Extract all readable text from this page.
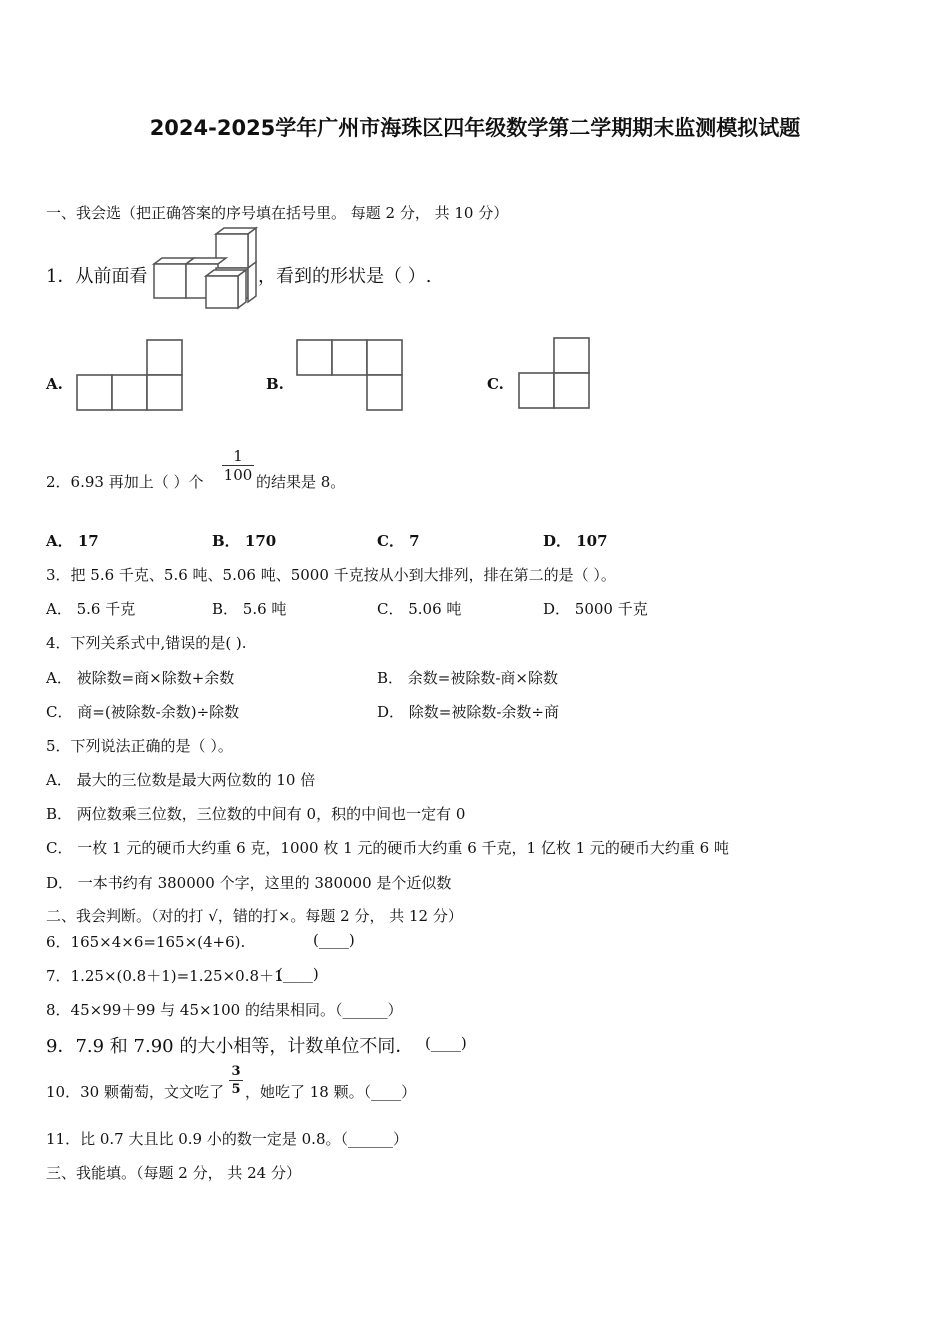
2024-2025学年广州市海珠区四年级数学第二学期期末监测模拟试题
一、我会选（把正确答案的序号填在括号里。 每题 2 分， 共 10 分）
1．从前面看	，看到的形状是（ ）.
A.	B.	C.
2．6.93 再加上（ ）个 $\frac{1}{100}$ 的结果是 8。
A． 17	B． 170	C． 7	D． 107
3．把 5.6 千克、5.6 吨、5.06 吨、5000 千克按从小到大排列，排在第二的是（ ）。
A． 5.6 千克	B． 5.6 吨	C． 5.06 吨	D． 5000 千克
4．下列关系式中,错误的是( ).
A． 被除数=商×除数+余数	B． 余数=被除数-商×除数
C． 商=(被除数-余数)÷除数	D． 除数=被除数-余数÷商
5．下列说法正确的是（ ）。
A． 最大的三位数是最大两位数的 10 倍
B． 两位数乘三位数，三位数的中间有 0，积的中间也一定有 0
C． 一枚 1 元的硬币大约重 6 克，1000 枚 1 元的硬币大约重 6 千克，1 亿枚 1 元的硬币大约重 6 吨
D． 一本书约有 380000 个字，这里的 380000 是个近似数
二、我会判断。（对的打 √，错的打×。每题 2 分， 共 12 分）
6．165×4×6=165×(4+6).	(____)
7．1.25×(0.8＋1)=1.25×0.8＋1
(____)
8．45×99＋99 与 45×100 的结果相同。（______）
9．7.9 和 7.90 的大小相等，计数单位不同． (____)
10．30 颗葡萄，文文吃了 $\frac{3}{5}$ ，她吃了 18 颗。（____）
11．比 0.7 大且比 0.9 小的数一定是 0.8。（______）
三、我能填。（每题 2 分， 共 24 分）
